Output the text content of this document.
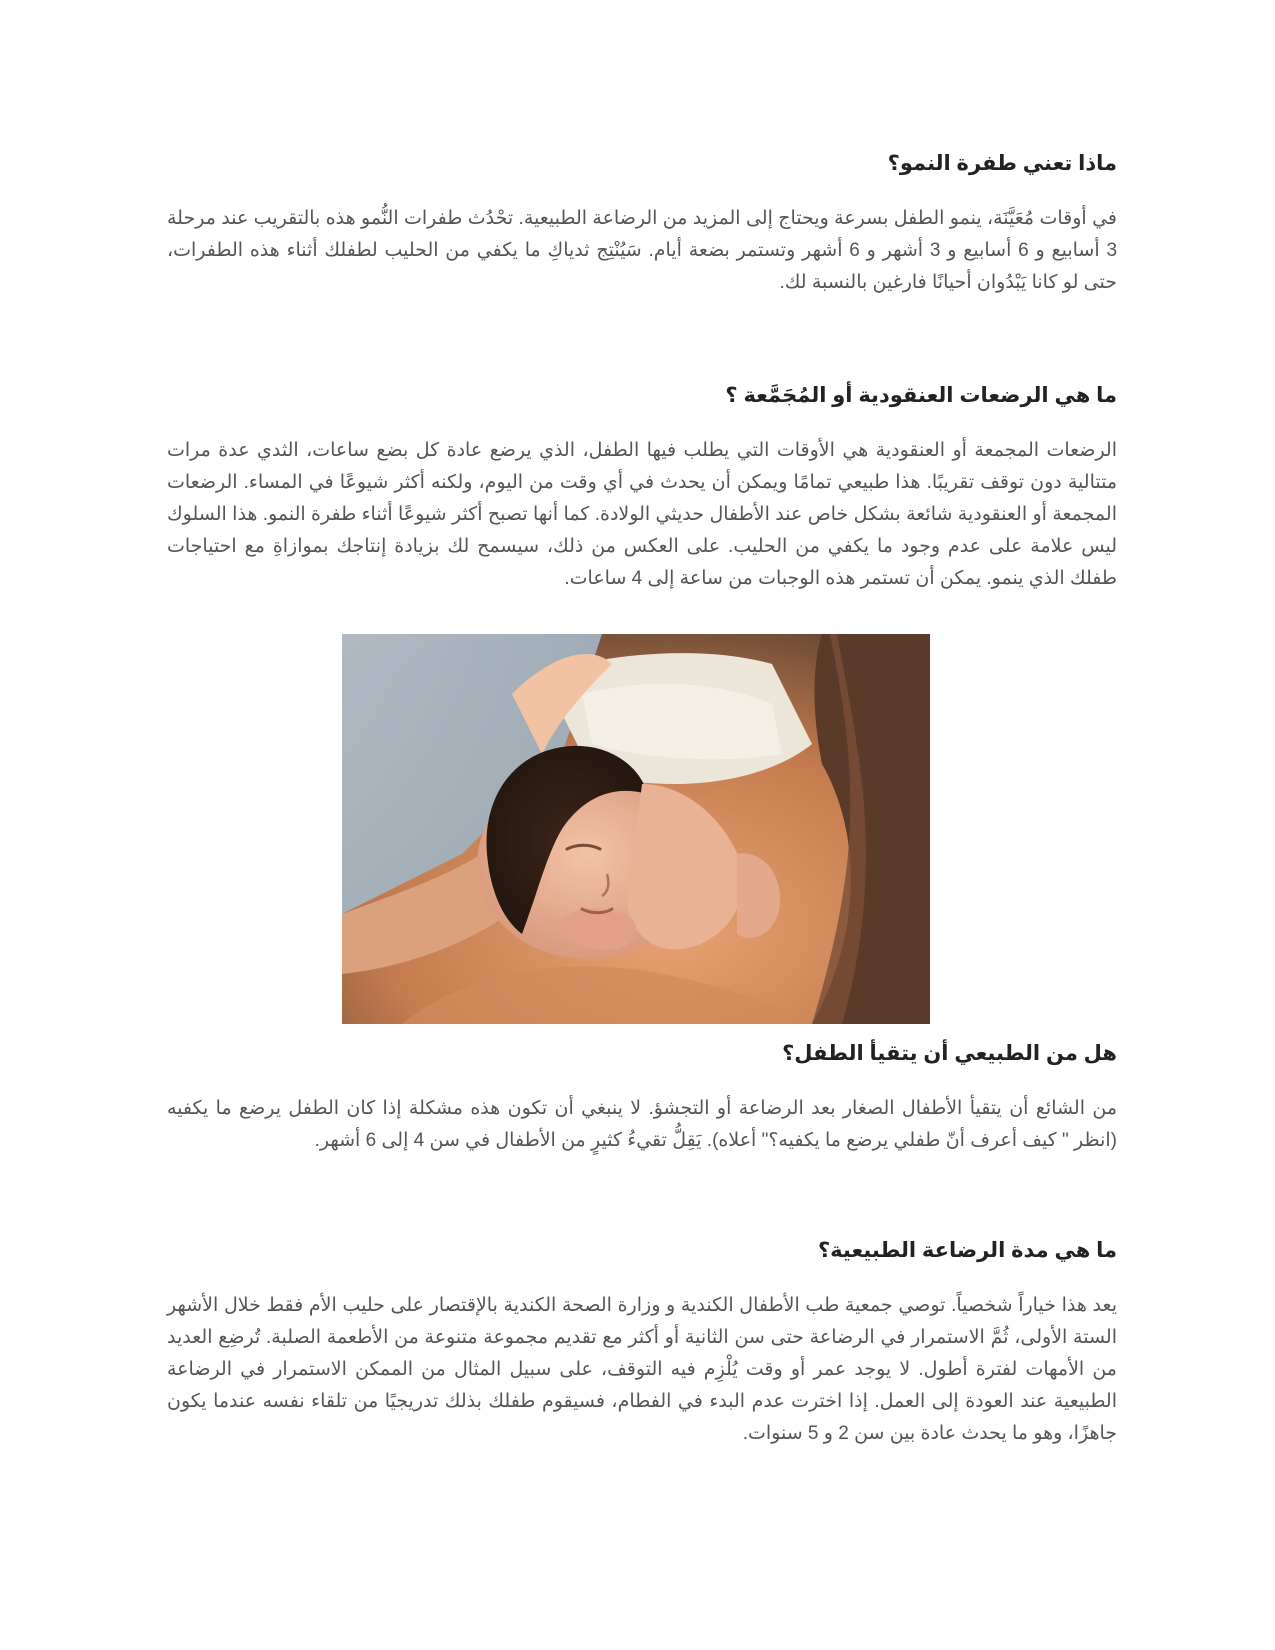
ماذا تعني طفرة النمو؟

في أوقات مُعَيَّنَة، ينمو الطفل بسرعة ويحتاج إلى المزيد من الرضاعة الطبيعية. تحْدُث طفرات النُّمو هذه بالتقريب عند مرحلة 3 أسابيع و 6 أسابيع و 3 أشهر و 6 أشهر وتستمر بضعة أيام. سَيُنْتِج ثدياكِ ما يكفي من الحليب لطفلك أثناء هذه الطفرات، حتى لو كانا يَبْدُوان أحيانًا فارغين بالنسبة لك.

ما هي الرضعات العنقودية أو المُجَمَّعة ؟

الرضعات المجمعة أو العنقودية هي الأوقات التي يطلب فيها الطفل، الذي يرضع عادة كل بضع ساعات، الثدي عدة مرات متتالية دون توقف تقريبًا. هذا طبيعي تمامًا ويمكن أن يحدث في أي وقت من اليوم، ولكنه أكثر شيوعًا في المساء. الرضعات المجمعة أو العنقودية شائعة بشكل خاص عند الأطفال حديثي الولادة. كما أنها تصبح أكثر شيوعًا أثناء طفرة النمو. هذا السلوك ليس علامة على عدم وجود ما يكفي من الحليب. على العكس من ذلك، سيسمح لك بزيادة إنتاجك بموازاةِ مع احتياجات طفلك الذي ينمو. يمكن أن تستمر هذه الوجبات من ساعة إلى 4 ساعات.

هل من الطبيعي أن يتقيأ الطفل؟

من الشائع أن يتقيأ الأطفال الصغار بعد الرضاعة أو التجشؤ. لا ينبغي أن تكون هذه مشكلة إذا كان الطفل يرضع ما يكفيه (انظر " كيف أعرف أنّ طفلي يرضع ما يكفيه؟" أعلاه). يَقِلُّ تقيءُ كثيرٍ من الأطفال في سن 4 إلى 6 أشهر.

ما هي مدة الرضاعة الطبيعية؟

يعد هذا خياراً شخصياً. توصي جمعية طب الأطفال الكندية و وزارة الصحة الكندية بالإقتصار على حليب الأم فقط خلال الأشهر الستة الأولى، ثُمَّ الاستمرار في الرضاعة حتى سن الثانية أو أكثر مع تقديم مجموعة متنوعة من الأطعمة الصلبة. تُرضِع العديد من الأمهات لفترة أطول. لا يوجد عمر أو وقت يُلْزِم فيه التوقف، على سبيل المثال من الممكن الاستمرار في الرضاعة الطبيعية عند العودة إلى العمل. إذا اخترت عدم البدء في الفطام، فسيقوم طفلك بذلك تدريجيًا من تلقاء نفسه عندما يكون جاهزًا، وهو ما يحدث عادة بين سن 2 و 5 سنوات.
